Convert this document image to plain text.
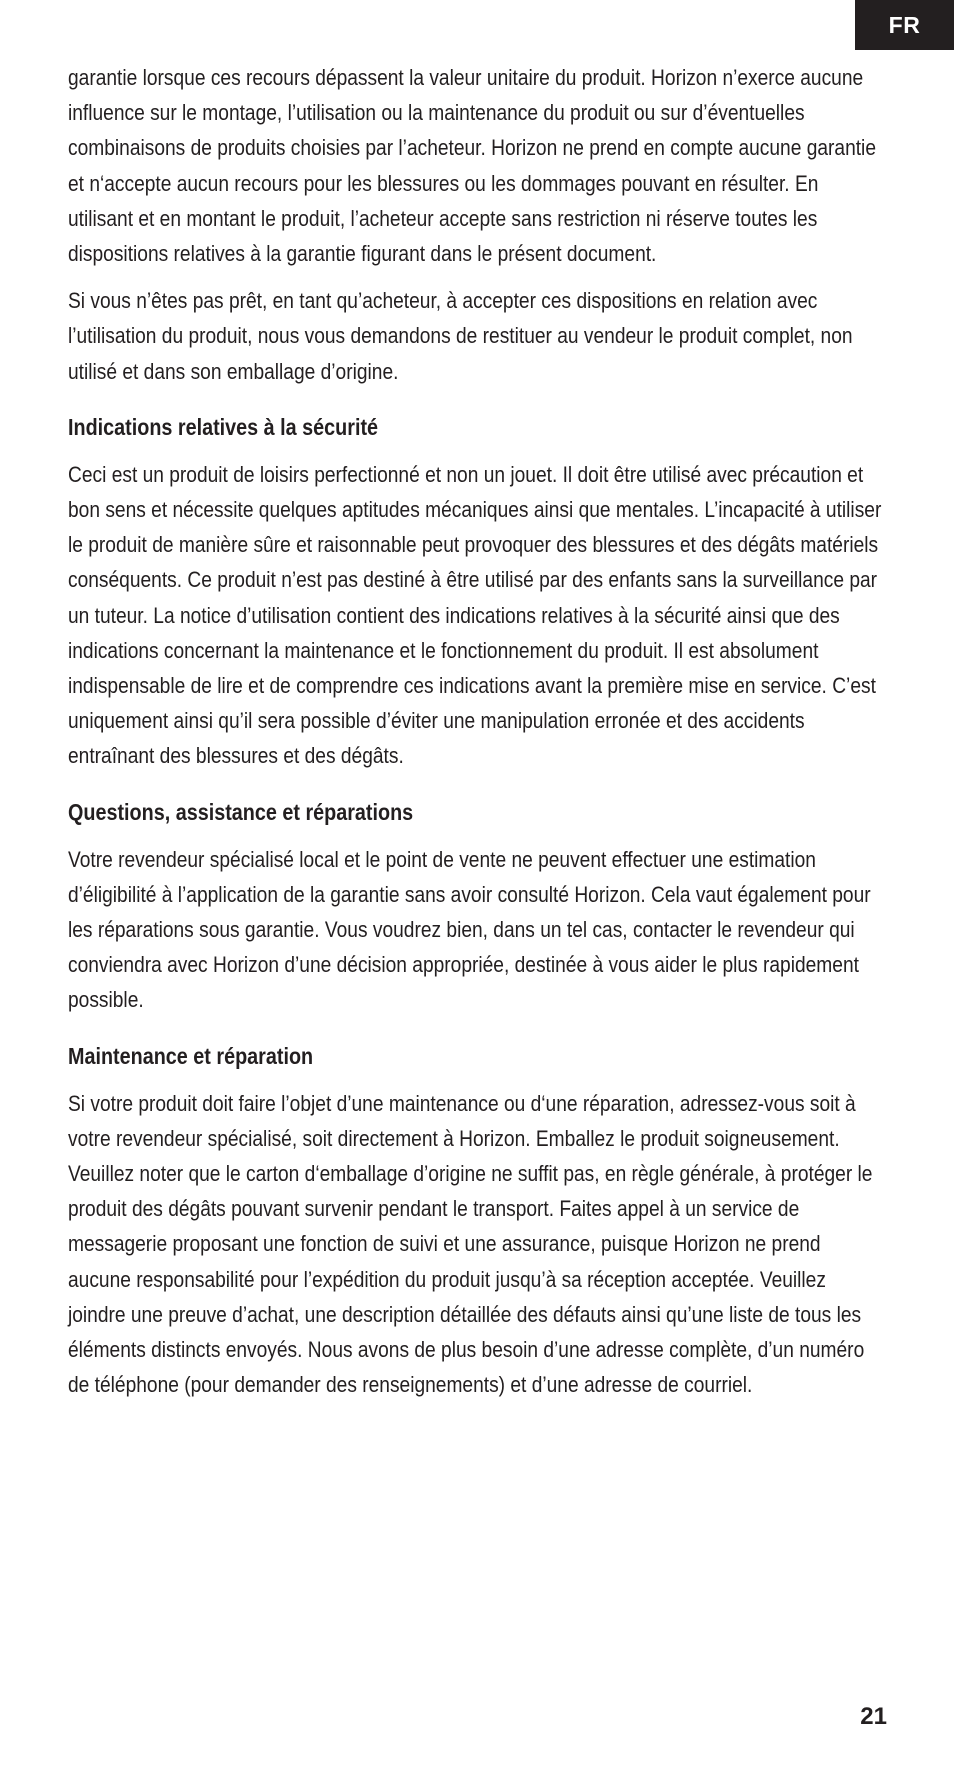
FR

garantie lorsque ces recours dépassent la valeur unitaire du produit. Horizon n’exerce aucune influence sur le montage, l’utilisation ou la maintenance du produit ou sur d’éventuelles combinaisons de produits choisies par l’acheteur. Horizon ne prend en compte aucune garantie et n‘accepte aucun recours pour les blessures ou les dommages pouvant en résulter. En utilisant et en montant le produit, l’acheteur accepte sans restriction ni réserve toutes les dispositions relatives à la garantie figurant dans le présent document.

Si vous n’êtes pas prêt, en tant qu’acheteur, à accepter ces dispositions en relation avec l’utilisation du produit, nous vous demandons de restituer au vendeur le produit complet, non utilisé et dans son emballage d’origine.

Indications relatives à la sécurité

Ceci est un produit de loisirs perfectionné et non un jouet. Il doit être utilisé avec précaution et bon sens et nécessite quelques aptitudes mécaniques ainsi que mentales. L’incapacité à utiliser le produit de manière sûre et raisonnable peut provoquer des blessures et des dégâts matériels conséquents. Ce produit n’est pas destiné à être utilisé par des enfants sans la surveillance par un tuteur. La notice d’utilisation contient des indications relatives à la sécurité ainsi que des indications concernant la maintenance et le fonctionnement du produit. Il est absolument indispensable de lire et de comprendre ces indications avant la première mise en service. C’est uniquement ainsi qu’il sera possible d’éviter une manipulation erronée et des accidents entraînant des blessures et des dégâts.

Questions, assistance et réparations

Votre revendeur spécialisé local et le point de vente ne peuvent effectuer une estimation d’éligibilité à l’application de la garantie sans avoir consulté Horizon. Cela vaut également pour les réparations sous garantie. Vous voudrez bien, dans un tel cas, contacter le revendeur qui conviendra avec Horizon d’une décision appropriée, destinée à vous aider le plus rapidement possible.

Maintenance et réparation

Si votre produit doit faire l’objet d’une maintenance ou d‘une réparation, adressez-vous soit à votre revendeur spécialisé, soit directement à Horizon. Emballez le produit soigneusement. Veuillez noter que le carton d‘emballage d’origine ne suffit pas, en règle générale, à protéger le produit des dégâts pouvant survenir pendant le transport. Faites appel à un service de messagerie proposant une fonction de suivi et une assurance, puisque Horizon ne prend aucune responsabilité pour l’expédition du produit jusqu’à sa réception acceptée. Veuillez joindre une preuve d’achat, une description détaillée des défauts ainsi qu’une liste de tous les éléments distincts envoyés. Nous avons de plus besoin d’une adresse complète, d’un numéro de téléphone (pour demander des renseignements) et d’une adresse de courriel.

21
